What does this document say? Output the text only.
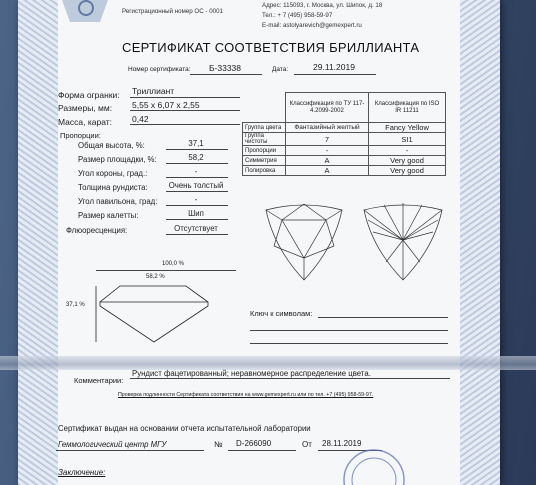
Регистрационный номер ОС - 0001
Адрес: 115093, г. Москва, ул. Шипок, д. 18
Тел.: + 7 (495) 958-59-97
E-mail: astolyarevich@gemexpert.ru
СЕРТИФИКАТ СООТВЕТСТВИЯ БРИЛЛИАНТА
Номер сертификата:	Б-33338	Дата:	29.11.2019
Форма огранки: Триллиант
Размеры, мм: 5,55 х 6,07 х 2,55
Масса, карат: 0,42
Пропорции:
Общая высота, %:	37,1
Размер площадки, %:	58,2
Угол короны, град.:	-
Толщина рундиста:	Очень толстый
Угол павильона, град:	-
Размер калетты:	Шип
Флюоресценция:	Отсутствует
	Классификация по ТУ 117-4.2099-2002	Классификация по ISO IR 11211
Группа цвета	Фантазийный желтый	Fancy Yellow
Группа чистоты	7	SI1
Пропорции	-	-
Симметрия	A	Very good
Полировка	A	Very good
100,0 %
58,2 %
37,1 %
Ключ к символам:
Комментарии:
Рундист фацетированный; неравномерное распределение цвета.
Проверка подлинности Сертификата соответствия на www.gemexpert.ru или по тел. +7 (495) 958-59-97.
Сертификат выдан на основании отчета испытательной лаборатории
Геммологический центр МГУ	№ D-266090	От 28.11.2019
Заключение:
